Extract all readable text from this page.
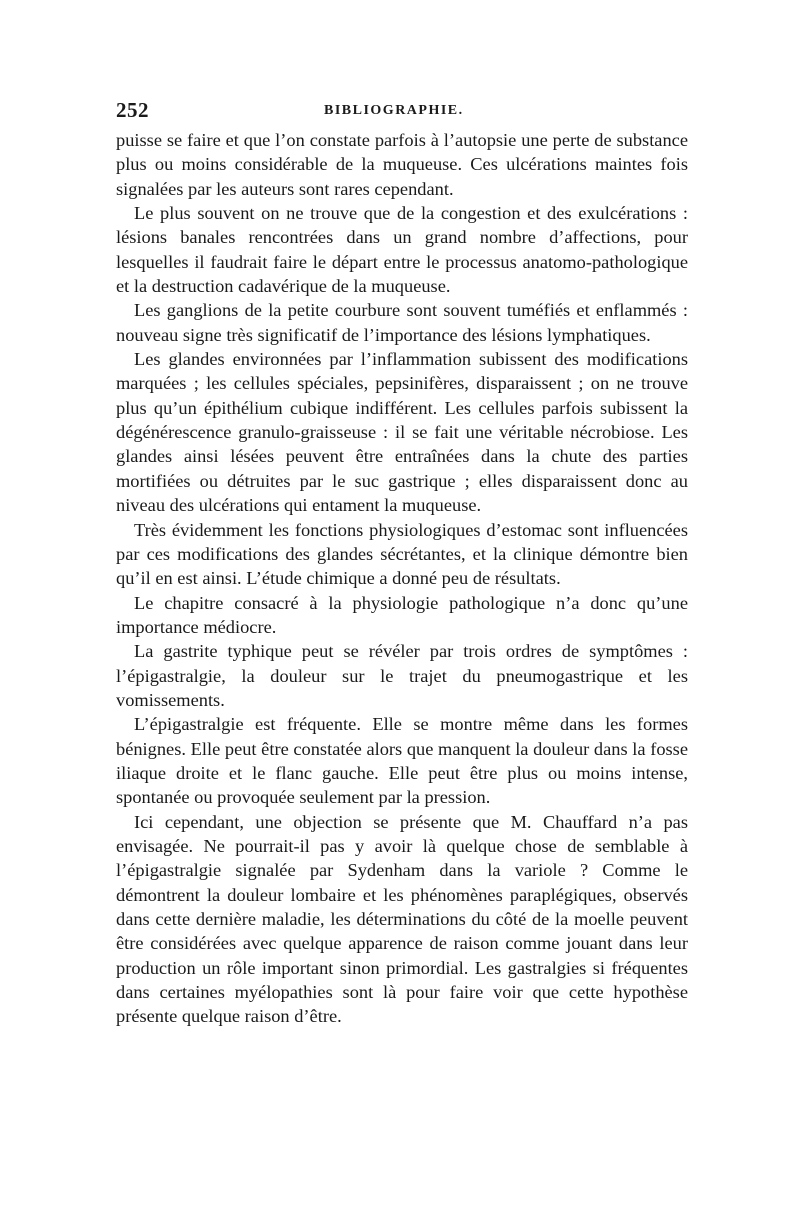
252	BIBLIOGRAPHIE.

puisse se faire et que l’on constate parfois à l’autopsie une perte de substance plus ou moins considérable de la muqueuse. Ces ulcérations maintes fois signalées par les auteurs sont rares cependant.

Le plus souvent on ne trouve que de la congestion et des exulcérations : lésions banales rencontrées dans un grand nombre d’affections, pour lesquelles il faudrait faire le départ entre le processus anatomo-pathologique et la destruction cadavérique de la muqueuse.

Les ganglions de la petite courbure sont souvent tuméfiés et enflammés : nouveau signe très significatif de l’importance des lésions lymphatiques.

Les glandes environnées par l’inflammation subissent des modifications marquées ; les cellules spéciales, pepsinifères, disparaissent ; on ne trouve plus qu’un épithélium cubique indifférent. Les cellules parfois subissent la dégénérescence granulo-graisseuse : il se fait une véritable nécrobiose. Les glandes ainsi lésées peuvent être entraînées dans la chute des parties mortifiées ou détruites par le suc gastrique ; elles disparaissent donc au niveau des ulcérations qui entament la muqueuse.

Très évidemment les fonctions physiologiques d’estomac sont influencées par ces modifications des glandes sécrétantes, et la clinique démontre bien qu’il en est ainsi. L’étude chimique a donné peu de résultats.

Le chapitre consacré à la physiologie pathologique n’a donc qu’une importance médiocre.

La gastrite typhique peut se révéler par trois ordres de symptômes : l’épigastralgie, la douleur sur le trajet du pneumogastrique et les vomissements.

L’épigastralgie est fréquente. Elle se montre même dans les formes bénignes. Elle peut être constatée alors que manquent la douleur dans la fosse iliaque droite et le flanc gauche. Elle peut être plus ou moins intense, spontanée ou provoquée seulement par la pression.

Ici cependant, une objection se présente que M. Chauffard n’a pas envisagée. Ne pourrait-il pas y avoir là quelque chose de semblable à l’épigastralgie signalée par Sydenham dans la variole ? Comme le démontrent la douleur lombaire et les phénomènes paraplégiques, observés dans cette dernière maladie, les déterminations du côté de la moelle peuvent être considérées avec quelque apparence de raison comme jouant dans leur production un rôle important sinon primordial. Les gastralgies si fréquentes dans certaines myélopathies sont là pour faire voir que cette hypothèse présente quelque raison d’être.
